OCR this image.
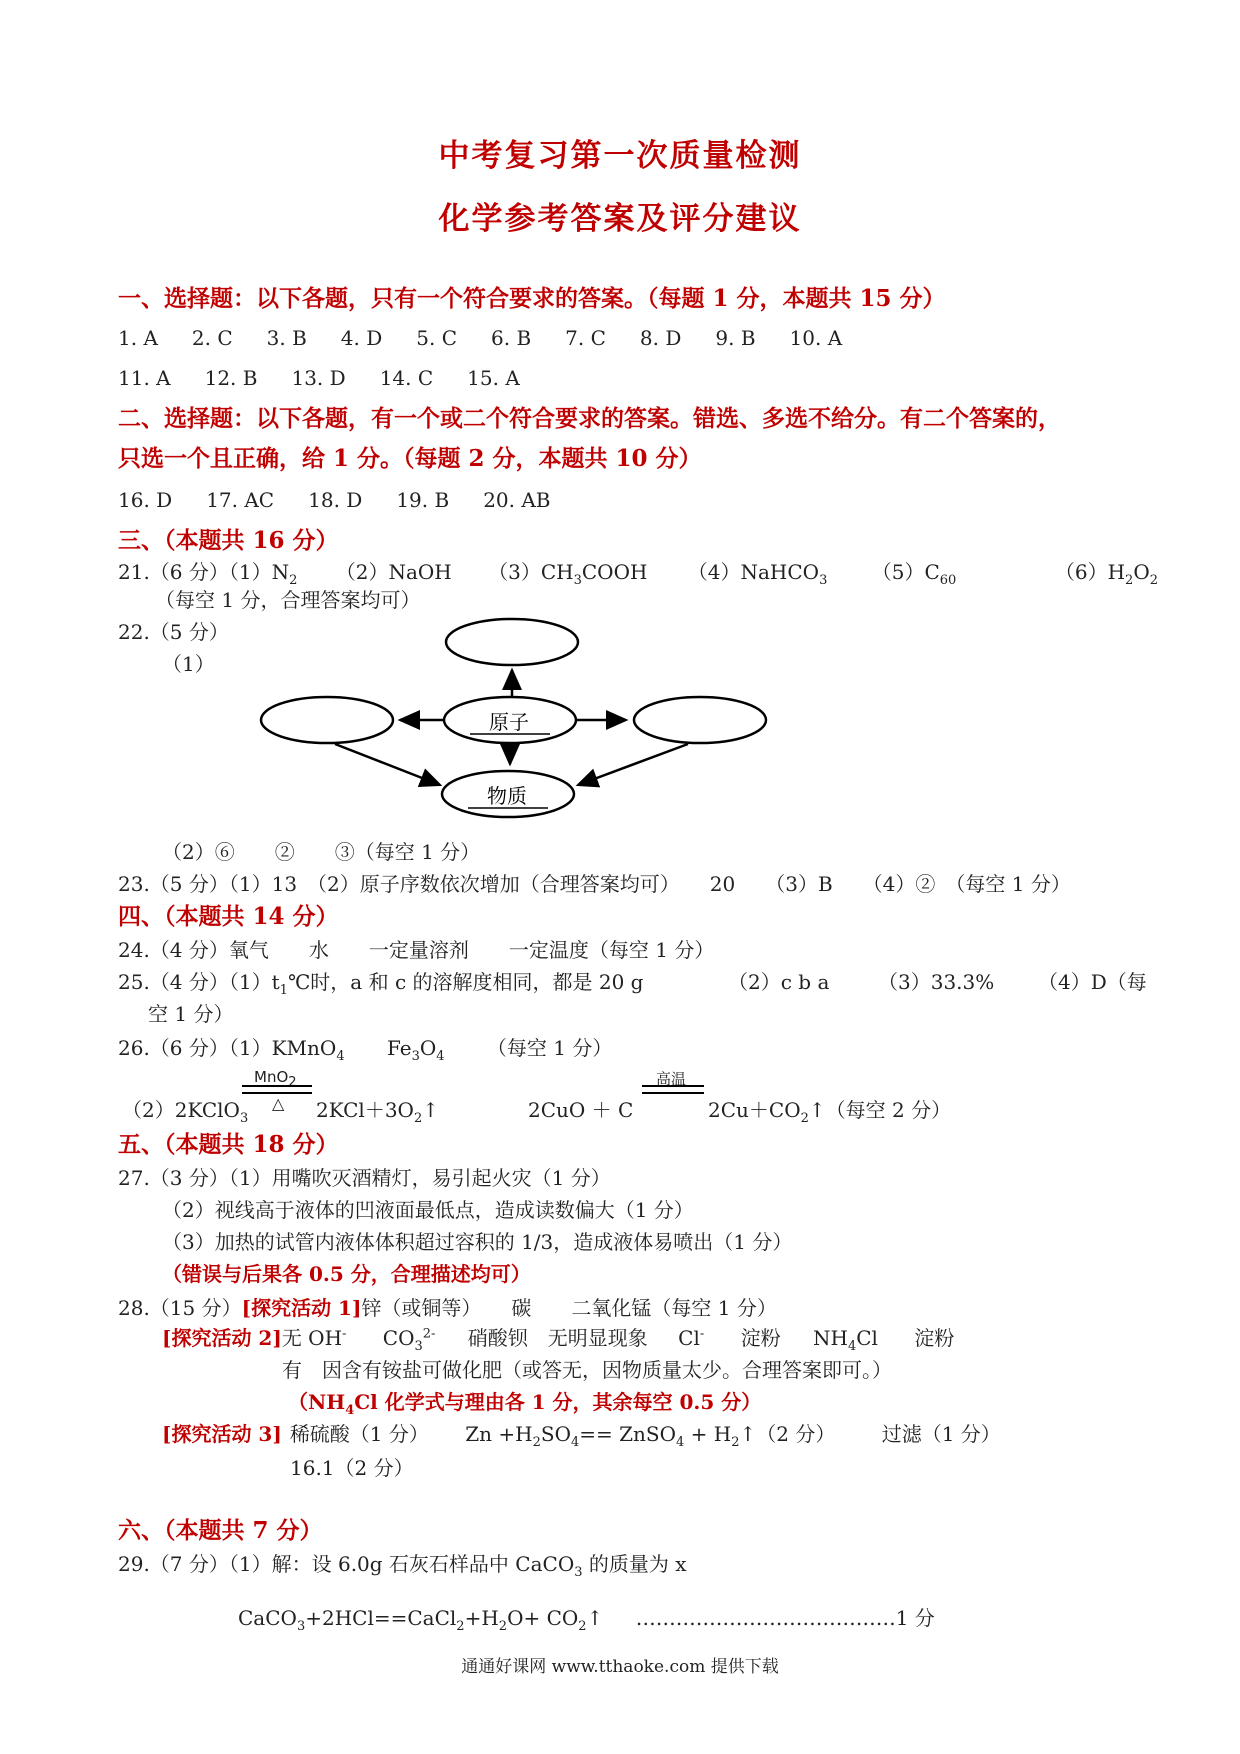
中考复习第一次质量检测
化学参考答案及评分建议
一、选择题：以下各题，只有一个符合要求的答案。（每题 1 分，本题共 15 分）
1. A 2. C 3. B 4. D 5. C 6. B 7. C 8. D 9. B 10. A
11. A 12. B 13. D 14. C 15. A
二、选择题：以下各题，有一个或二个符合要求的答案。错选、多选不给分。有二个答案的，
只选一个且正确，给 1 分。（每题 2 分，本题共 10 分）
16. D 17. AC 18. D 19. B 20. AB
三、（本题共 16 分）
21.（6 分）$(1)N_2$ （2）NaOH $(3)CH_3COOH$ （4）NaHCO$_3$ $(5)C_{60}$	$(6)H_2O_2$
（每空 1 分，合理答案均可）
22.（5 分）
（1）
原子
物质
（2）⑥　　②　　③（每空 1 分）
23.（5 分）（1）13　（2）原子序数依次增加（合理答案均可）　　20　　（3）B　　（4）②　（每空 1 分）
四、（本题共 14 分）
24.（4 分）氧气　　水　　一定量溶剂　　一定温度（每空 1 分）
25.（4 分）$(1)t_1℃$时，a 和 c 的溶解度相同，都是 20 g	（2）c b a （3）33.3% （4）D（每
空 1 分）
26.（6 分）（1）KMnO$_4$ $Fe_3O_4$ （每空 1 分）
MnO$_2$
△
（2）2KClO$_3$	$2KCl+3O_2↑$	2CuO ＋ C
高温
$2Cu+CO_2↑$（每空 2 分）
五、（本题共 18 分）
27.（3 分）（1）用嘴吹灭酒精灯，易引起火灾（1 分）
（2）视线高于液体的凹液面最低点，造成读数偏大（1 分）
（3）加热的试管内液体体积超过容积的 1/3，造成液体易喷出（1 分）
（错误与后果各 0.5 分，合理描述均可）
28.（15 分）[探究活动 1]锌（或铜等）　　碳　　二氧化锰（每空 1 分）
[探究活动 2]无 OH- $CO_3^{2-}$ 硝酸钡　无明显现象 Cl- 淀粉 $NH_4Cl$ 淀粉
有　因含有铵盐可做化肥（或答无，因物质量太少。合理答案即可。）
（$NH_4Cl$ 化学式与理由各 1 分，其余每空 0.5 分）
[探究活动 3] 稀硫酸（1 分） $Zn +H_2SO_4==$ ZnSO$_4$ + $H_2↑(2$ 分） 过滤（1 分）
16.1（2 分）
六、（本题共 7 分）
29.（7 分）（1）解：设 6.0g 石灰石样品中 CaCO$_3$ 的质量为 x
$CaCO_3+2HCl==CaCl_2+H_2O+$ $CO_2↑$ …………………………………1 分
通通好课网 www.tthaoke.com 提供下载
